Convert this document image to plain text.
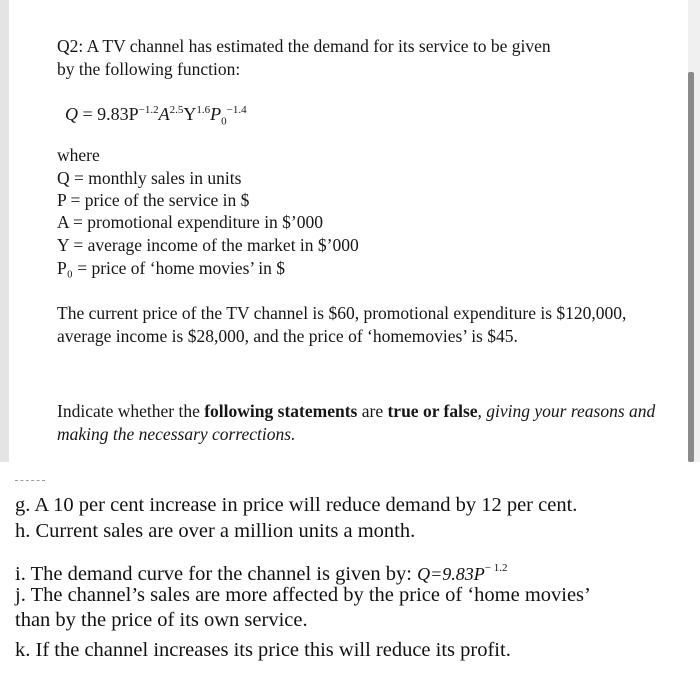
Q2: A TV channel has estimated the demand for its service to be given
by the following function:
$Q = 9.83P^{-1.2}A^{2.5}Y^{1.6}P_0^{-1.4}$
where
Q = monthly sales in units
P = price of the service in $
A = promotional expenditure in $’000
Y = average income of the market in $’000
P₀ = price of ‘home movies’ in $
The current price of the TV channel is $60, promotional expenditure is $120,000, average income is $28,000, and the price of ‘homemovies’ is $45.
Indicate whether the following statements are true or false, giving your reasons and making the necessary corrections.
g. A 10 per cent increase in price will reduce demand by 12 per cent.
h. Current sales are over a million units a month.
i. The demand curve for the channel is given by: $Q=9.83P^{- 1.2}$
j. The channel’s sales are more affected by the price of ‘home movies’
than by the price of its own service.
k. If the channel increases its price this will reduce its profit.
